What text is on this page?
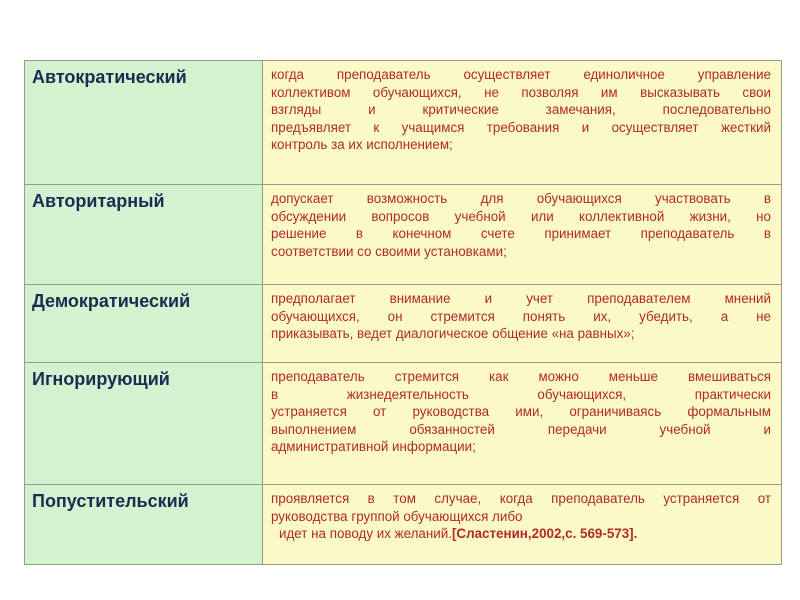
Автократический	когда преподаватель осуществляет единоличное управление
коллективом обучающихся, не позволяя им высказывать свои
взгляды и критические замечания, последовательно
предъявляет к учащимся требования и осуществляет жесткий
контроль за их исполнением;

Авторитарный	допускает возможность для обучающихся участвовать в
обсуждении вопросов учебной или коллективной жизни, но
решение в конечном счете принимает преподаватель в
соответствии со своими установками;

Демократический	предполагает внимание и учет преподавателем мнений
обучающихся, он стремится понять их, убедить, а не
приказывать, ведет диалогическое общение «на равных»;

Игнорирующий	преподаватель стремится как можно меньше вмешиваться
в жизнедеятельность обучающихся, практически
устраняется от руководства ими, ограничиваясь формальным
выполнением обязанностей передачи учебной и
административной информации;

Попустительский	проявляется в том случае, когда преподаватель устраняется от
руководства группой обучающихся либо
идет на поводу их желаний.[Сластенин,2002,с. 569-573].
